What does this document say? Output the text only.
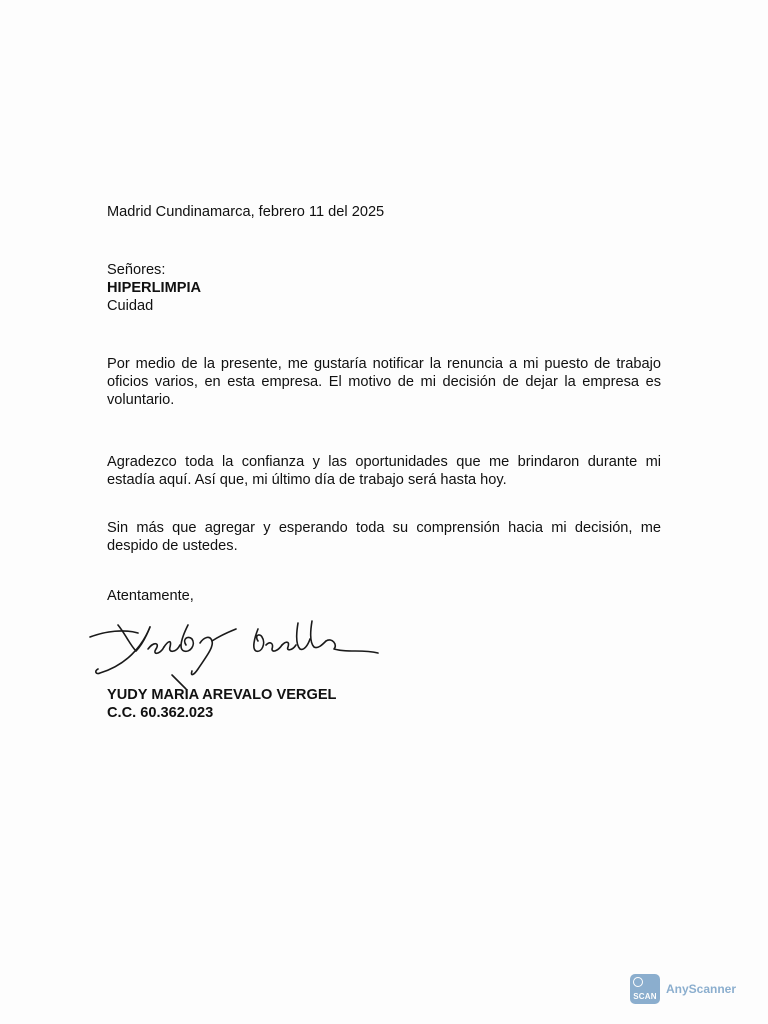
Madrid Cundinamarca, febrero 11 del 2025

Señores:

HIPERLIMPIA

Cuidad

Por medio de la presente, me gustaría notificar la renuncia a mi puesto de trabajo oficios varios, en esta empresa. El motivo de mi decisión de dejar la empresa es voluntario.

Agradezco toda la confianza y las oportunidades que me brindaron durante mi estadía aquí. Así que, mi último día de trabajo será hasta hoy.

Sin más que agregar y esperando toda su comprensión hacia mi decisión, me despido de ustedes.

Atentamente,

YUDY MARIA AREVALO VERGEL

C.C. 60.362.023

SCAN
AnyScanner
